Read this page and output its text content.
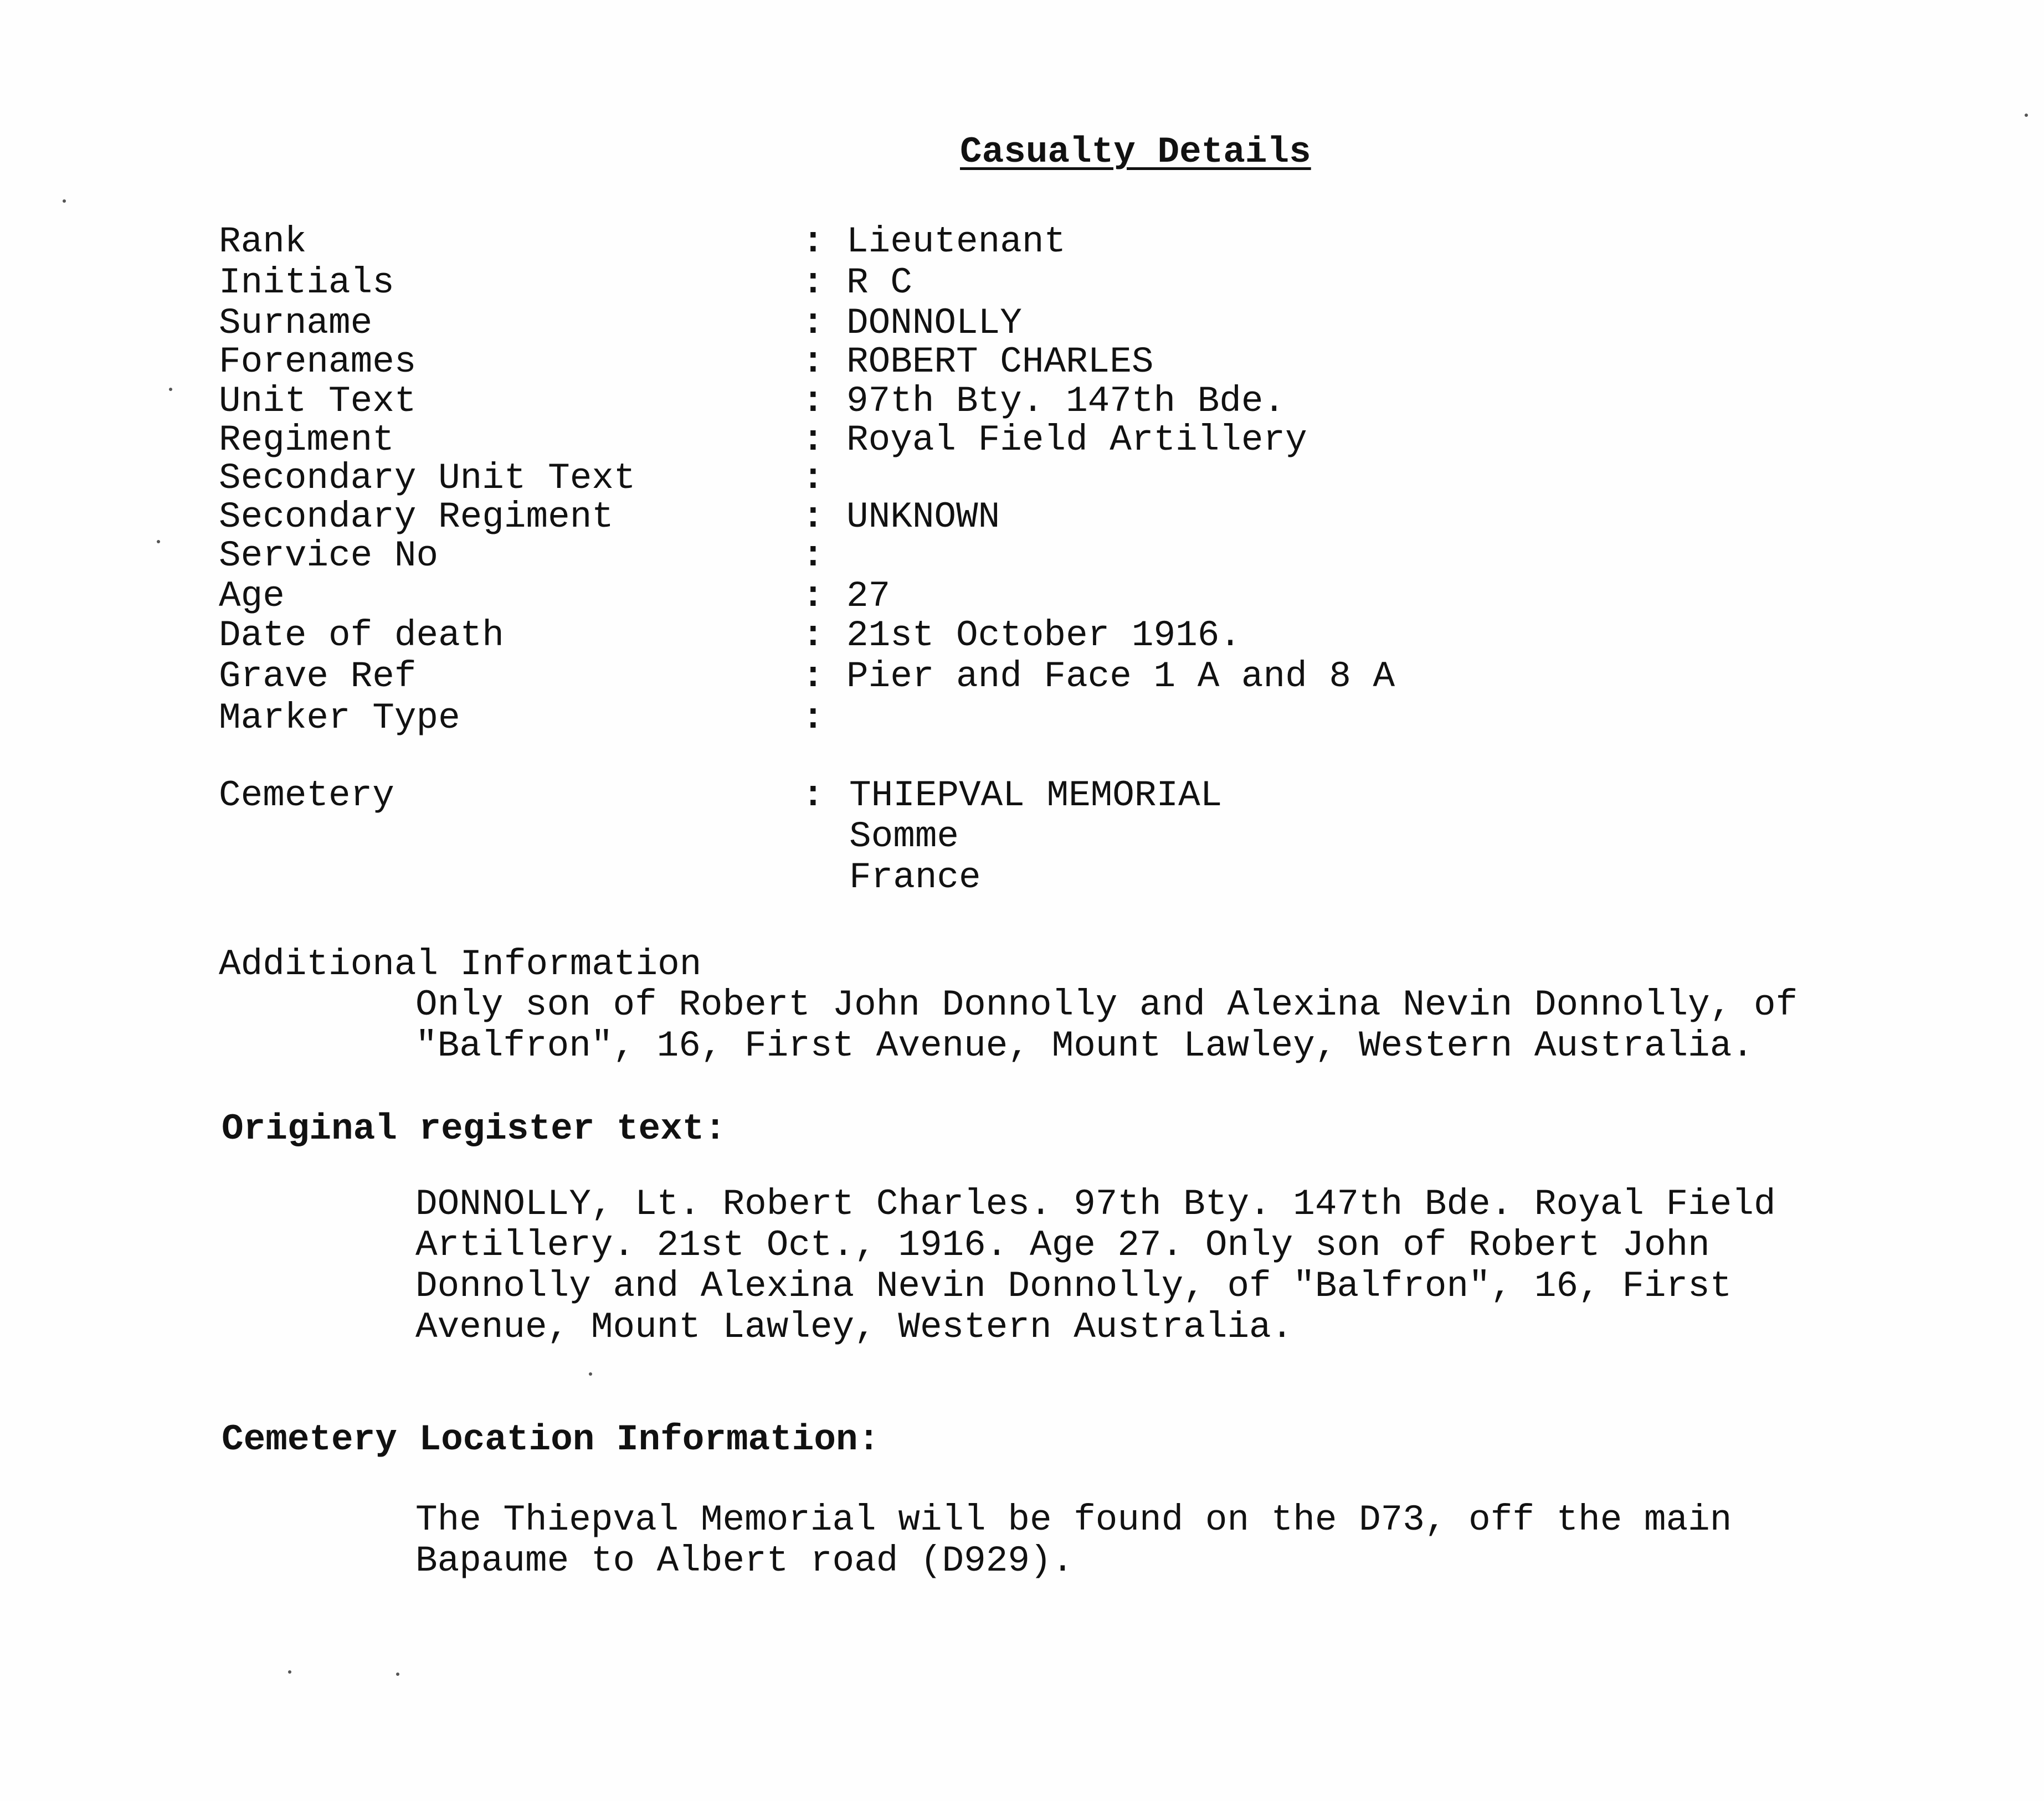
Casualty Details
Rank	: Lieutenant
Initials	: R C
Surname	: DONNOLLY
Forenames	: ROBERT CHARLES
Unit Text	: 97th Bty. 147th Bde.
Regiment	: Royal Field Artillery
Secondary Unit Text	:
Secondary Regiment	: UNKNOWN
Service No	:
Age	: 27
Date of death	: 21st October 1916.
Grave Ref	: Pier and Face 1 A and 8 A
Marker Type	:
Cemetery	: THIEPVAL MEMORIAL
Somme
France
Additional Information
Only son of Robert John Donnolly and Alexina Nevin Donnolly, of
"Balfron", 16, First Avenue, Mount Lawley, Western Australia.
Original register text:
DONNOLLY, Lt. Robert Charles. 97th Bty. 147th Bde. Royal Field
Artillery. 21st Oct., 1916. Age 27. Only son of Robert John
Donnolly and Alexina Nevin Donnolly, of "Balfron", 16, First
Avenue, Mount Lawley, Western Australia.
Cemetery Location Information:
The Thiepval Memorial will be found on the D73, off the main
Bapaume to Albert road (D929).
